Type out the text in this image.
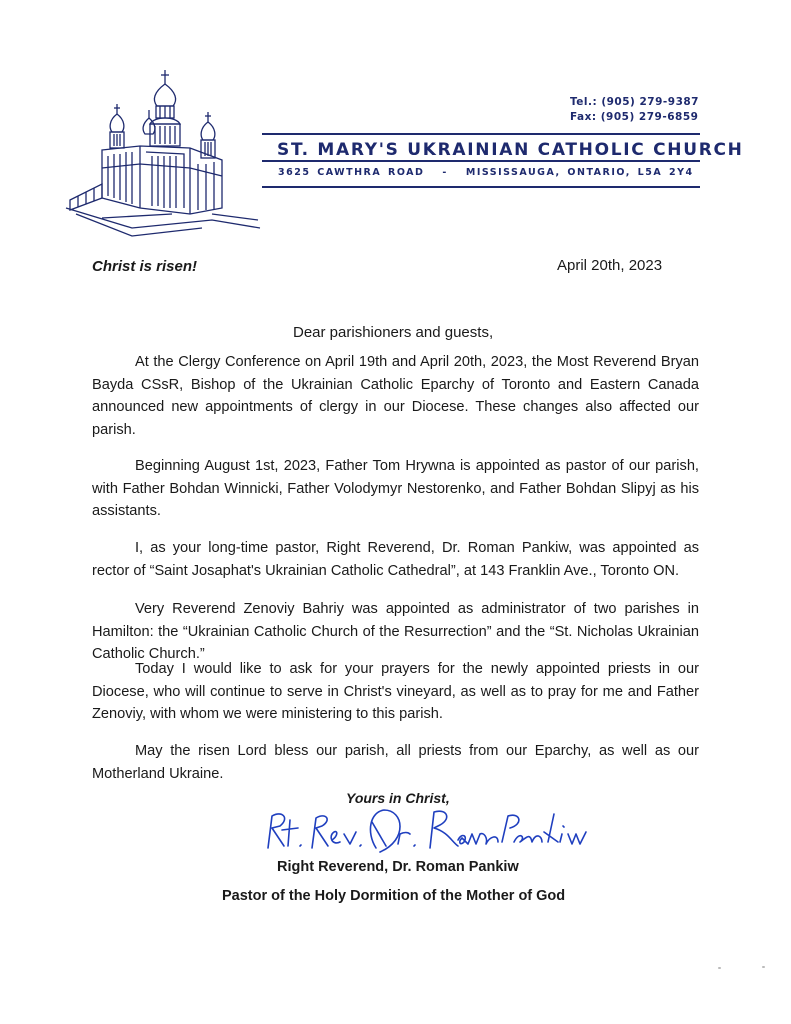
Tel.: (905) 279-9387
Fax: (905) 279-6859
ST. MARY'S UKRAINIAN CATHOLIC CHURCH
3625 CAWTHRA ROAD - MISSISSAUGA, ONTARIO, L5A 2Y4
Christ is risen!	April 20th, 2023
Dear parishioners and guests,

At the Clergy Conference on April 19th and April 20th, 2023, the Most Reverend Bryan Bayda CSsR, Bishop of the Ukrainian Catholic Eparchy of Toronto and Eastern Canada announced new appointments of clergy in our Diocese. These changes also affected our parish.

Beginning August 1st, 2023, Father Tom Hrywna is appointed as pastor of our parish, with Father Bohdan Winnicki, Father Volodymyr Nestorenko, and Father Bohdan Slipyj as his assistants.

I, as your long-time pastor, Right Reverend, Dr. Roman Pankiw, was appointed as rector of “Saint Josaphat's Ukrainian Catholic Cathedral”, at 143 Franklin Ave., Toronto ON.

Very Reverend Zenoviy Bahriy was appointed as administrator of two parishes in Hamilton: the “Ukrainian Catholic Church of the Resurrection” and the “St. Nicholas Ukrainian Catholic Church.”

Today I would like to ask for your prayers for the newly appointed priests in our Diocese, who will continue to serve in Christ's vineyard, as well as to pray for me and Father Zenoviy, with whom we were ministering to this parish.

May the risen Lord bless our parish, all priests from our Eparchy, as well as our Motherland Ukraine.

Yours in Christ,
Right Reverend, Dr. Roman Pankiw
Pastor of the Holy Dormition of the Mother of God
